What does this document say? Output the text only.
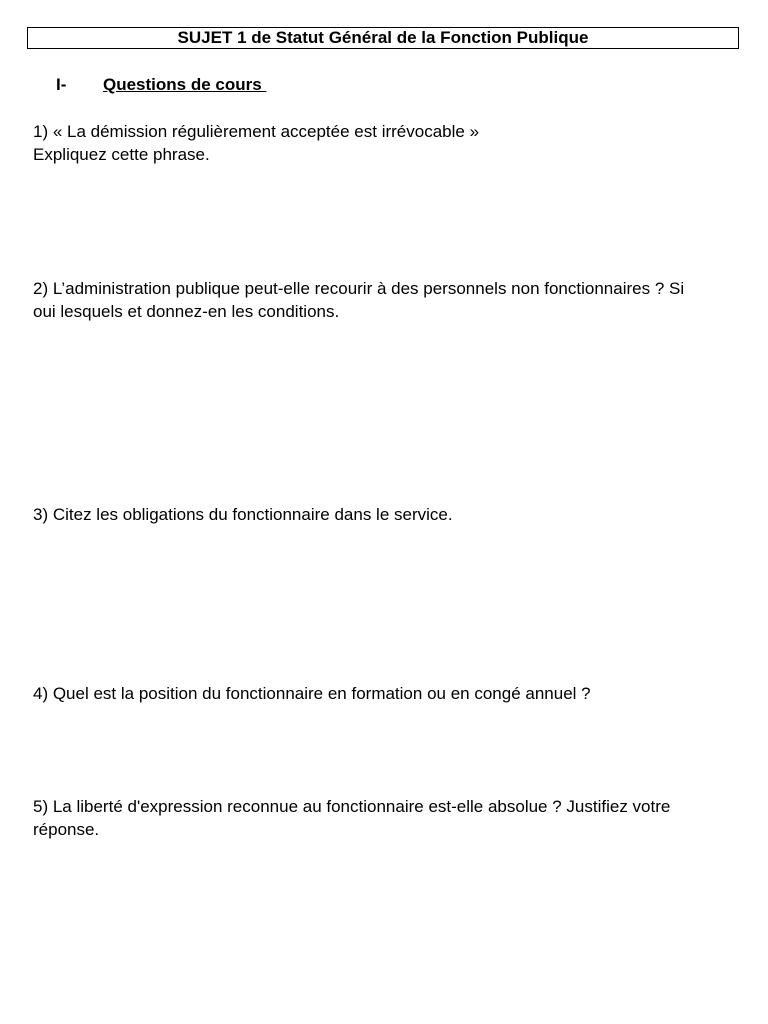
SUJET 1 de Statut Général de la Fonction Publique
I- Questions de cours
1) « La démission régulièrement acceptée est irrévocable »
Expliquez cette phrase.
2) L’administration publique peut-elle recourir à des personnels non fonctionnaires ? Si
oui lesquels et donnez-en les conditions.
3) Citez les obligations du fonctionnaire dans le service.
4) Quel est la position du fonctionnaire en formation ou en congé annuel ?
5) La liberté d'expression reconnue au fonctionnaire est-elle absolue ? Justifiez votre
réponse.
